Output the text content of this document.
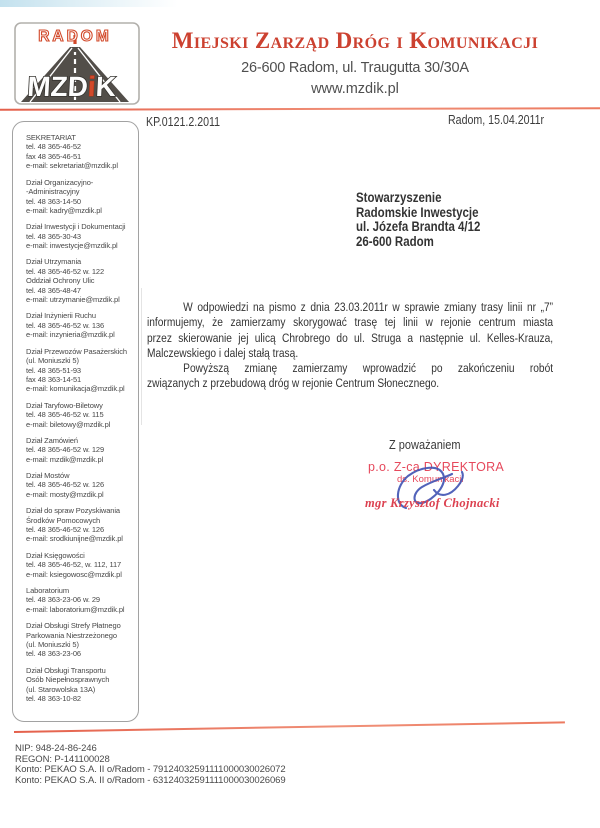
RADOM
MZDiK
Miejski Zarząd Dróg i Komunikacji
26-600 Radom, ul. Traugutta 30/30A
www.mzdik.pl
SEKRETARIAT
tel. 48 365-46-52
fax 48 365-46-51
e-mail: sekretariat@mzdik.pl
Dział Organizacyjno-
-Administracyjny
tel. 48 363-14-50
e-mail: kadry@mzdik.pl
Dział Inwestycji i Dokumentacji
tel. 48 365-30-43
e-mail: inwestycje@mzdik.pl
Dział Utrzymania
tel. 48 365-46-52 w. 122
Oddział Ochrony Ulic
tel. 48 365-48-47
e-mail: utrzymanie@mzdik.pl
Dział Inżynierii Ruchu
tel. 48 365-46-52 w. 136
e-mail: inzynieria@mzdik.pl
Dział Przewozów Pasażerskich
(ul. Moniuszki 5)
tel. 48 365-51-93
fax 48 363-14-51
e-mail: komunikacja@mzdik.pl
Dział Taryfowo-Biletowy
tel. 48 365-46-52 w. 115
e-mail: biletowy@mzdik.pl
Dział Zamówień
tel. 48 365-46-52 w. 129
e-mail: mzdik@mzdik.pl
Dział Mostów
tel. 48 365-46-52 w. 126
e-mail: mosty@mzdik.pl
Dział do spraw Pozyskiwania
Środków Pomocowych
tel. 48 365-46-52 w. 126
e-mail: srodkiunijne@mzdik.pl
Dział Księgowości
tel. 48 365-46-52, w. 112, 117
e-mail: ksiegowosc@mzdik.pl
Laboratorium
tel. 48 363-23-06 w. 29
e-mail: laboratorium@mzdik.pl
Dział Obsługi Strefy Płatnego
Parkowania Niestrzeżonego
(ul. Moniuszki 5)
tel. 48 363-23-06
Dział Obsługi Transportu
Osób Niepełnosprawnych
(ul. Starowolska 13A)
tel. 48 363-10-82
KP.0121.2.2011	Radom, 15.04.2011r
Stowarzyszenie
Radomskie Inwestycje
ul. Józefa Brandta 4/12
26-600 Radom
W odpowiedzi na pismo z dnia 23.03.2011r w sprawie zmiany trasy linii nr „7”
informujemy, że zamierzamy skorygować trasę tej linii w rejonie centrum miasta
przez skierowanie jej ulicą Chrobrego do ul. Struga a następnie ul. Kelles-Krauza,
Malczewskiego i dalej stałą trasą.
Powyższą zmianę zamierzamy wprowadzić po zakończeniu robót
związanych z przebudową dróg w rejonie Centrum Słonecznego.
Z poważaniem
p.o. Z-ca DYREKTORA
ds. Komunikacji
mgr Krzysztof Chojnacki
NIP: 948-24-86-246
REGON: P-141100028
Konto: PEKAO S.A. II o/Radom - 79124032591111000030026072
Konto: PEKAO S.A. II o/Radom - 63124032591111000030026069
